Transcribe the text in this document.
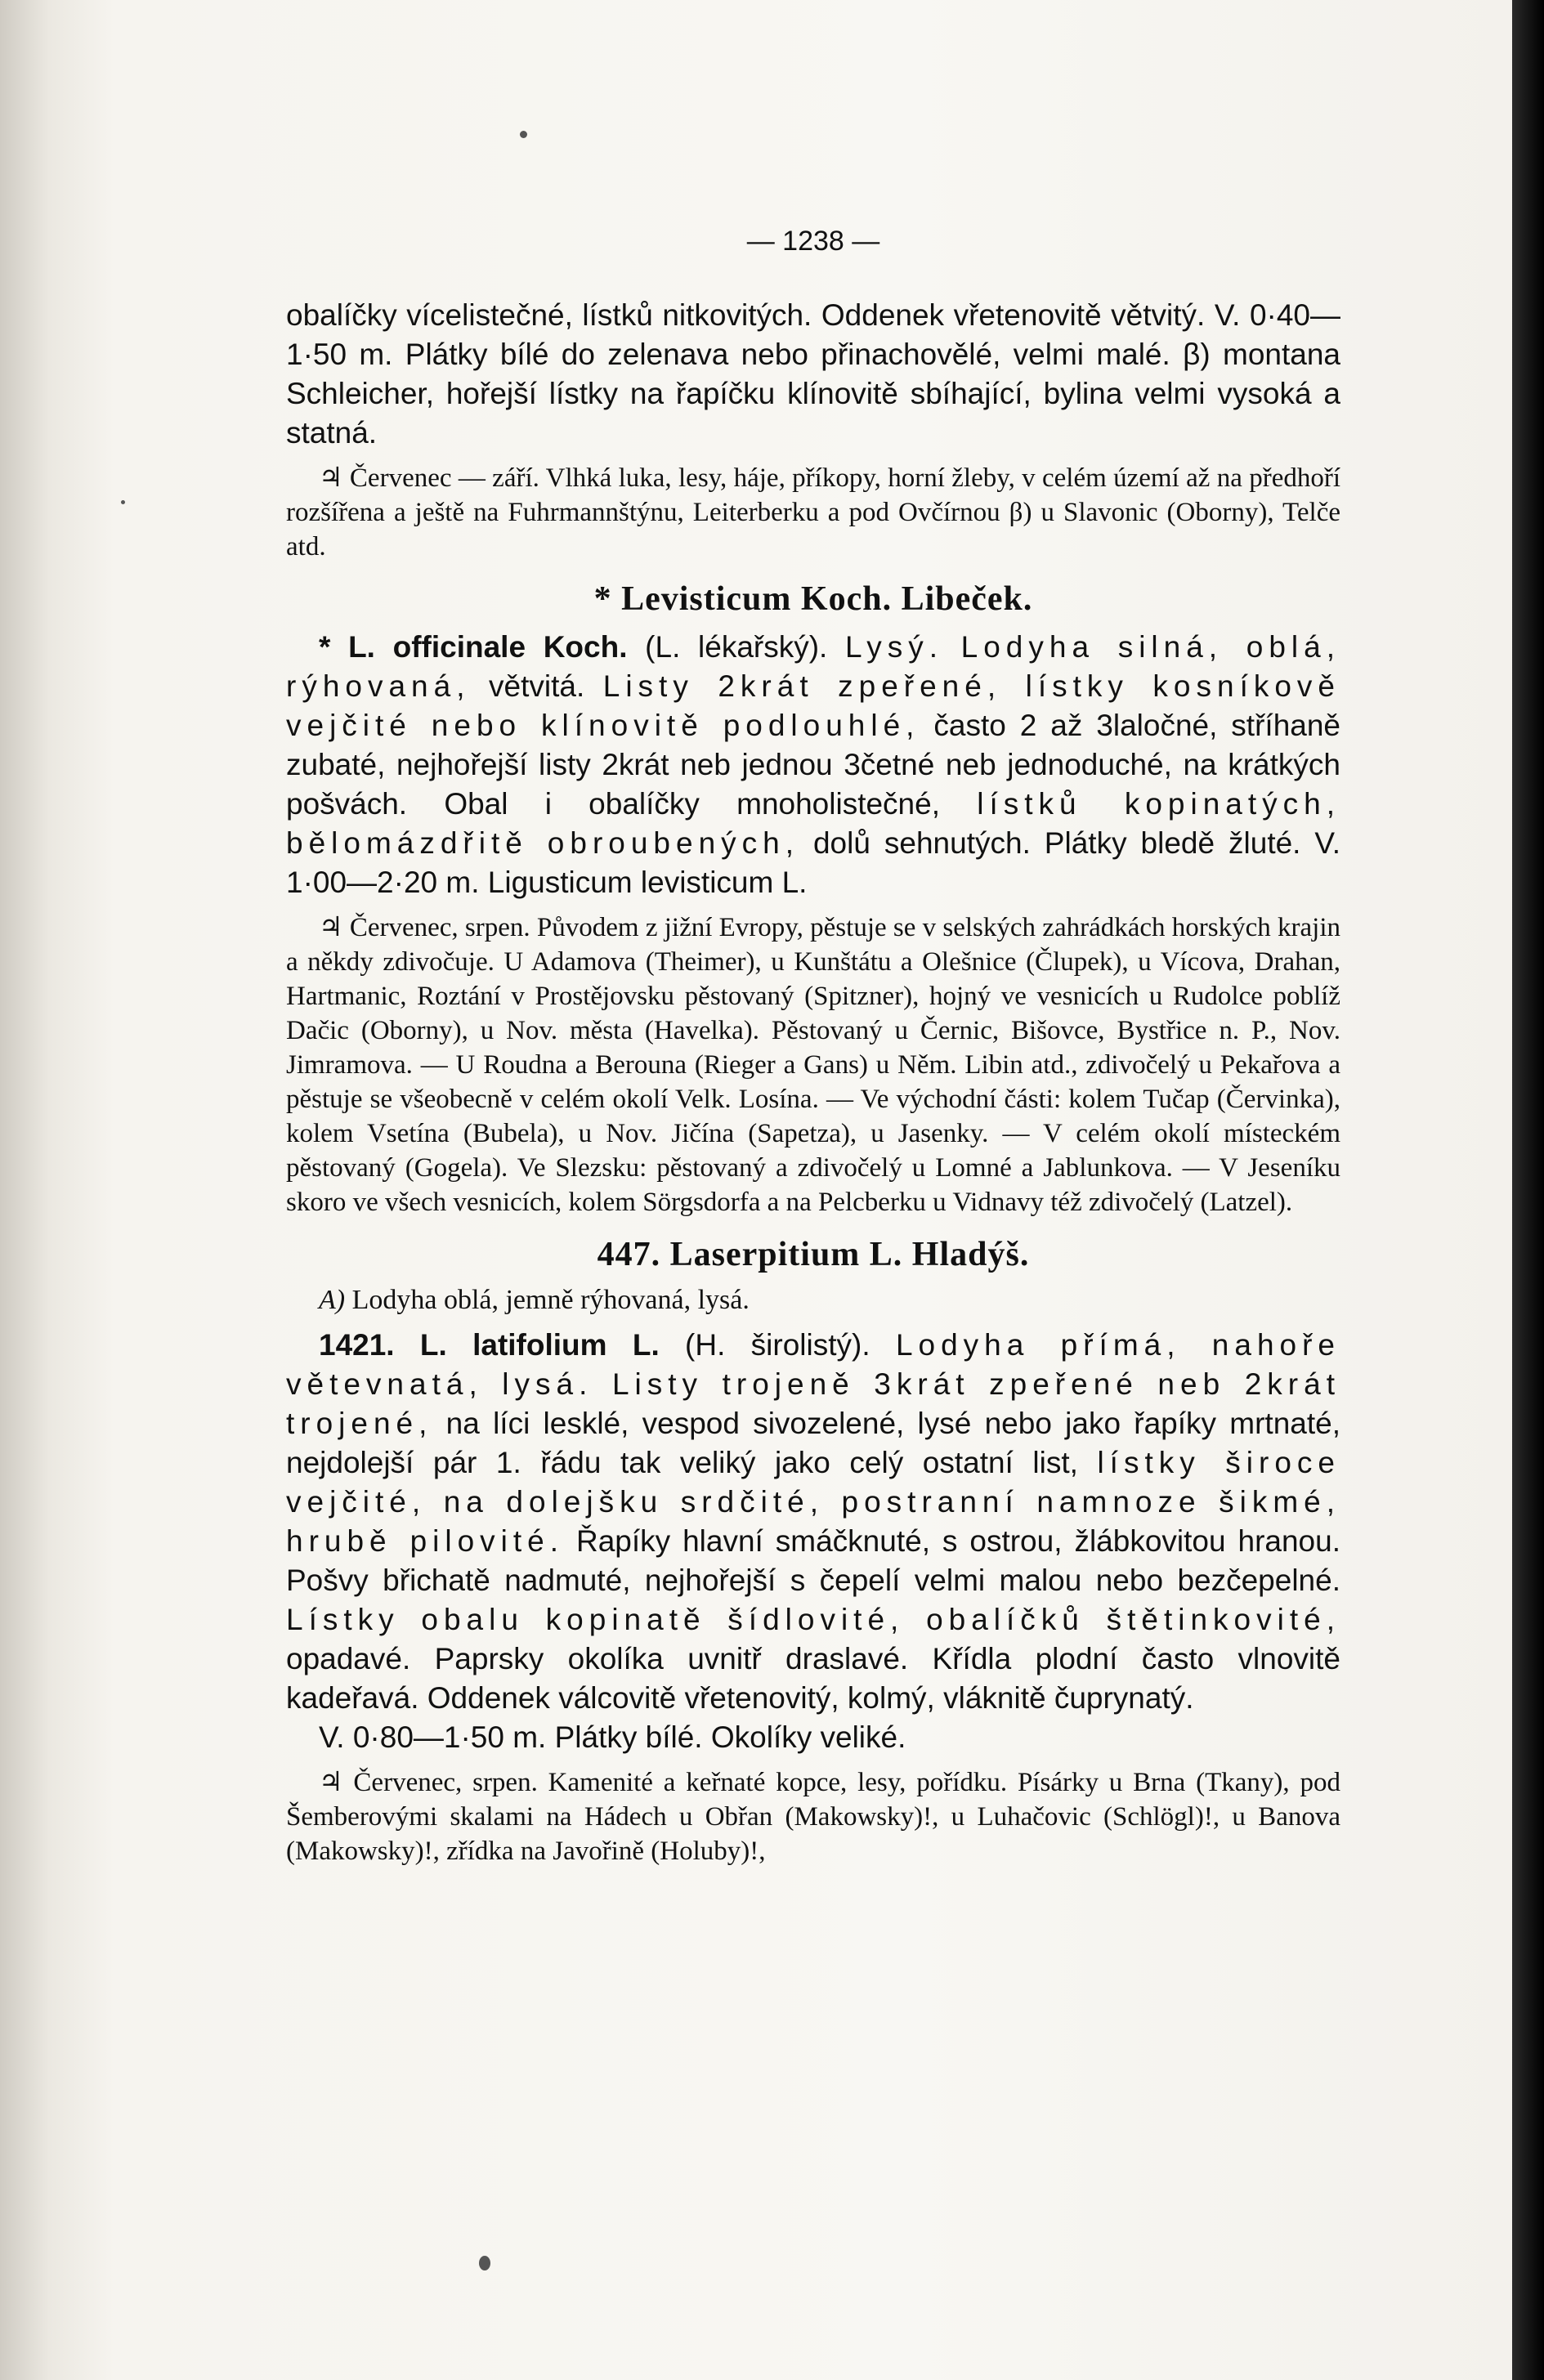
— 1238 —

obalíčky vícelistečné, lístků nitkovitých. Oddenek vřetenovitě větvitý. V. 0·40—1·50 m. Plátky bílé do zelenava nebo přinachovělé, velmi malé. β) montana Schleicher, hořejší lístky na řapíčku klínovitě sbíhající, bylina velmi vysoká a statná.

♃ Červenec — září. Vlhká luka, lesy, háje, příkopy, horní žleby, v celém území až na předhoří rozšířena a ještě na Fuhrmannštýnu, Leiterberku a pod Ovčírnou β) u Slavonic (Oborny), Telče atd.

* Levisticum Koch. Libeček.

* L. officinale Koch. (L. lékařský). Lysý. Lodyha silná, oblá, rýhovaná, větvitá. Listy 2krát zpeřené, lístky kosníkově vejčité nebo klínovitě podlouhlé, často 2 až 3laločné, stříhaně zubaté, nejhořejší listy 2krát neb jednou 3četné neb jednoduché, na krátkých pošvách. Obal i obalíčky mnoholistečné, lístků kopinatých, bělomázdřitě obroubených, dolů sehnutých. Plátky bledě žluté. V. 1·00—2·20 m. Ligusticum levisticum L.

♃ Červenec, srpen. Původem z jižní Evropy, pěstuje se v selských zahrádkách horských krajin a někdy zdivočuje. U Adamova (Theimer), u Kunštátu a Olešnice (Člupek), u Vícova, Drahan, Hartmanic, Roztání v Prostějovsku pěstovaný (Spitzner), hojný ve vesnicích u Rudolce poblíž Dačic (Oborny), u Nov. města (Havelka). Pěstovaný u Černic, Bišovce, Bystřice n. P., Nov. Jimramova. — U Roudna a Berouna (Rieger a Gans) u Něm. Libin atd., zdivočelý u Pekařova a pěstuje se všeobecně v celém okolí Velk. Losína. — Ve východní části: kolem Tučap (Červinka), kolem Vsetína (Bubela), u Nov. Jičína (Sapetza), u Jasenky. — V celém okolí místeckém pěstovaný (Gogela). Ve Slezsku: pěstovaný a zdivočelý u Lomné a Jablunkova. — V Jeseníku skoro ve všech vesnicích, kolem Sörgsdorfa a na Pelcberku u Vidnavy též zdivočelý (Latzel).

447. Laserpitium L. Hladýš.

A) Lodyha oblá, jemně rýhovaná, lysá.

1421. L. latifolium L. (H. širolistý). Lodyha přímá, nahoře větevnatá, lysá. Listy trojeně 3krát zpeřené neb 2krát trojené, na líci lesklé, vespod sivozelené, lysé nebo jako řapíky mrtnaté, nejdolejší pár 1. řádu tak veliký jako celý ostatní list, lístky široce vejčité, na dolejšku srdčité, postranní namnoze šikmé, hrubě pilovité. Řapíky hlavní smáčknuté, s ostrou, žlábkovitou hranou. Pošvy břichatě nadmuté, nejhořejší s čepelí velmi malou nebo bezčepelné. Lístky obalu kopinatě šídlovité, obalíčků štětinkovité, opadavé. Paprsky okolíka uvnitř draslavé. Křídla plodní často vlnovitě kadeřavá. Oddenek válcovitě vřetenovitý, kolmý, vláknitě čuprynatý.

V. 0·80—1·50 m. Plátky bílé. Okolíky veliké.

♃ Červenec, srpen. Kamenité a keřnaté kopce, lesy, pořídku. Písárky u Brna (Tkany), pod Šemberovými skalami na Hádech u Obřan (Makowsky)!, u Luhačovic (Schlögl)!, u Banova (Makowsky)!, zřídka na Javořině (Holuby)!,
